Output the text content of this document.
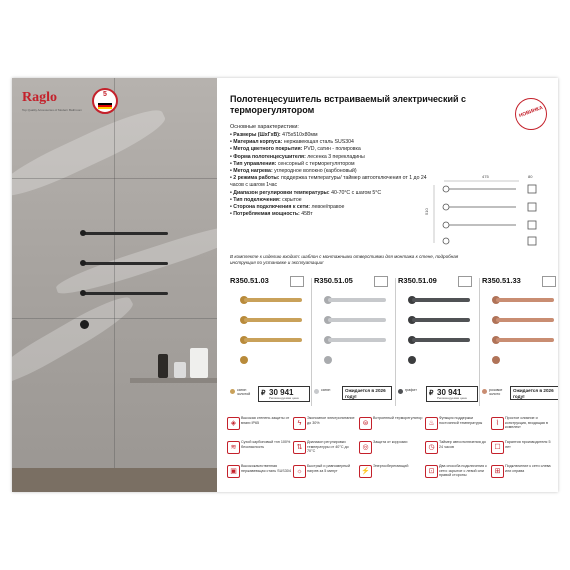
Raglo
Top Quality Accessories of Modern Bathroom
5	Полотенцесушитель встраиваемый электрический с терморегулятором	НОВИНКА
Основные характеристики:
• Размеры (ШхГхВ): 475х510х80мм
• Материал корпуса: нержавеющая сталь SUS304
• Метод цветного покрытия: PVD, сатин - полировка
• Форма полотенцесушителя: лесенка 3 перекладины
• Тип управления: сенсорный с терморегулятором
• Метод нагрева: углеродное волокно (карбоновый)
• 2 режима работы: поддержка температуры/ таймер автоотключения от 1 до 24 часов с шагом 1час
• Диапазон регулировки температуры: 40-70°С с шагом 5°С
• Тип подключения: скрытое
• Сторона подключения к сети: левое/правое
• Потребляемая мощность: 45Вт
В комплекте к изделию входит: шаблон с монтажными отверстиями для монтажа к стене, подробная инструкция по установке и эксплуатации!
475	80
510
R350.51.03
сатин золотой	₽ 30 941
Рекомендуемая цена
R350.51.05
сатин	Ожидается в 2026 году!
R350.51.09
графит	₽ 30 941
Рекомендуемая цена
R350.51.33
розовое золото
Ожидается в 2026 году!
◈
Высокая степень защиты от влаги IP65	ϟ
Экономное электропитание до 30%	⊜
Встроенный терморегулятор
♨
Функция поддержки постоянной температуры	⌇
Простое слияние и конструкция, входящая в комплект
≋
Сухой карбоновый тэн 100% безопасность	⇅
Диапазон регулировки температуры от 40°С до 70°С
◎
Защита от коррозии
◷
Таймер автоотключения до 24 часов	☐
Гарантия производителя 5 лет
▣
Высококачественная нержавеющая сталь SUS304 ☼
Быстрый и равномерный нагрев за 5 минут	⚡
Энергосберегающий
⊡
Два способа подключения к сети: скрытое с левой или правой стороны
⊞
Подключение к сети слева или справа
